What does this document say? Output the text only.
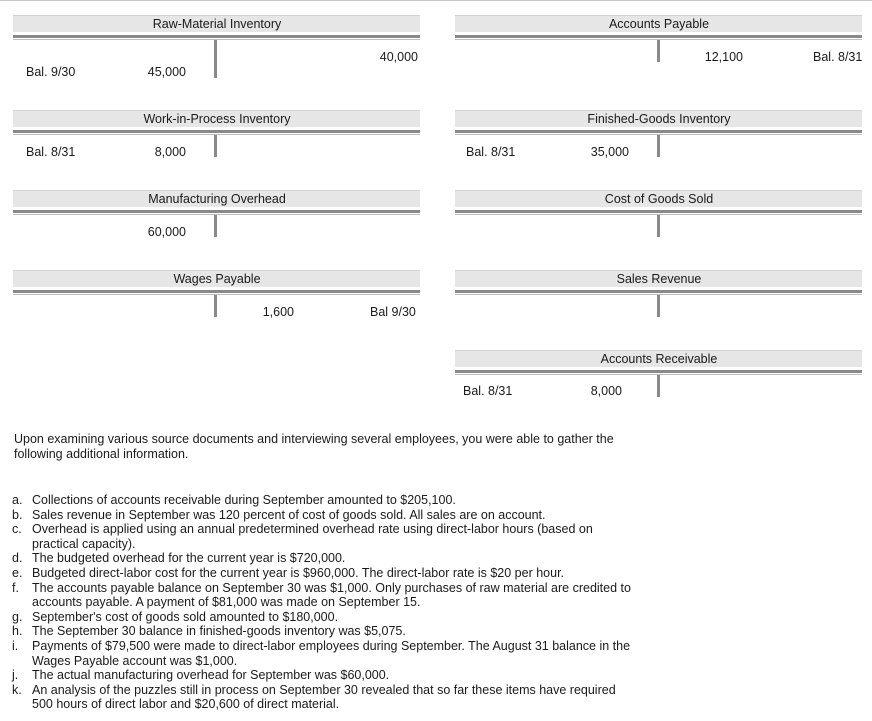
Raw-Material Inventory
Bal. 9/30	45,000
40,000
Accounts Payable
12,100	Bal. 8/31
Work-in-Process Inventory
Bal. 8/31	8,000
Finished-Goods Inventory
Bal. 8/31	35,000
Manufacturing Overhead
60,000
Cost of Goods Sold
Wages Payable
1,600	Bal 9/30
Sales Revenue
Accounts Receivable
Bal. 8/31	8,000
Upon examining various source documents and interviewing several employees, you were able to gather the following additional information.
a. Collections of accounts receivable during September amounted to $205,100.
b. Sales revenue in September was 120 percent of cost of goods sold. All sales are on account.
c. Overhead is applied using an annual predetermined overhead rate using direct-labor hours (based on practical capacity).
d. The budgeted overhead for the current year is $720,000.
e. Budgeted direct-labor cost for the current year is $960,000. The direct-labor rate is $20 per hour.
f. The accounts payable balance on September 30 was $1,000. Only purchases of raw material are credited to accounts payable. A payment of $81,000 was made on September 15.
g. September's cost of goods sold amounted to $180,000.
h. The September 30 balance in finished-goods inventory was $5,075.
i. Payments of $79,500 were made to direct-labor employees during September. The August 31 balance in the Wages Payable account was $1,000.
j. The actual manufacturing overhead for September was $60,000.
k. An analysis of the puzzles still in process on September 30 revealed that so far these items have required 500 hours of direct labor and $20,600 of direct material.
